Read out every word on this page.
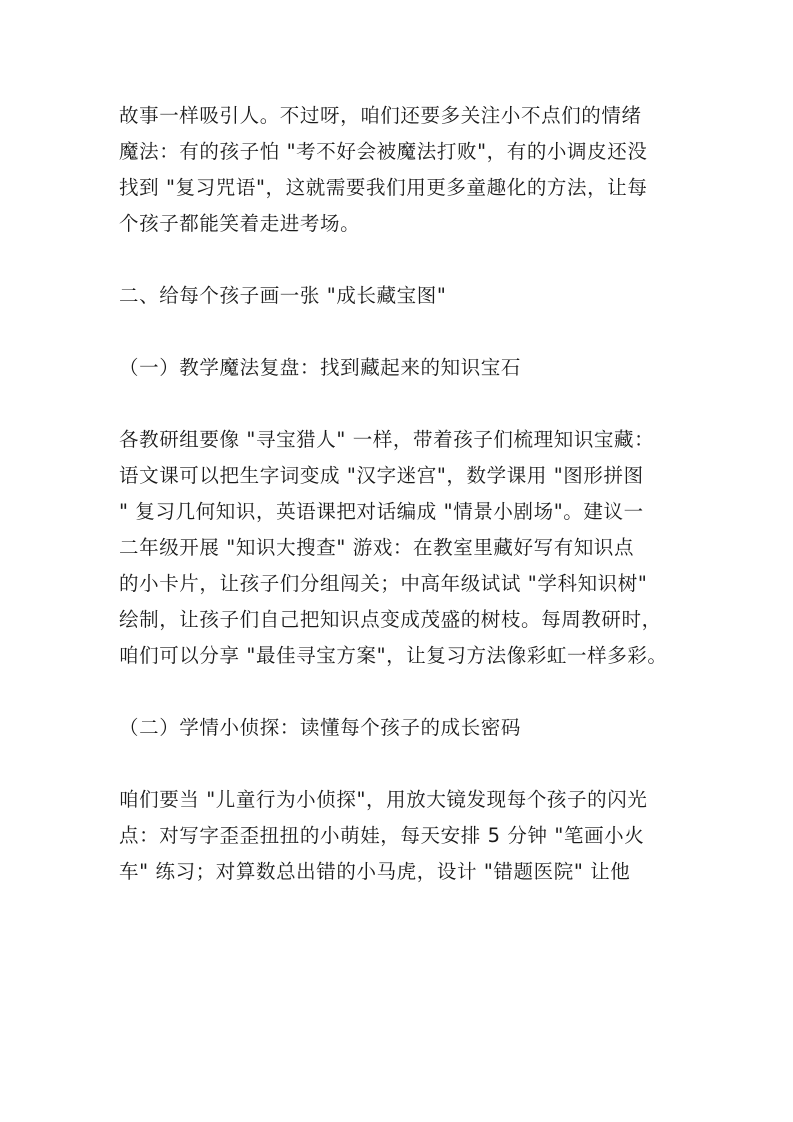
故事一样吸引人。不过呀，咱们还要多关注小不点们的情绪
魔法：有的孩子怕 "考不好会被魔法打败"，有的小调皮还没
找到 "复习咒语"，这就需要我们用更多童趣化的方法，让每
个孩子都能笑着走进考场。

二、给每个孩子画一张 "成长藏宝图"

（一）教学魔法复盘：找到藏起来的知识宝石

各教研组要像 "寻宝猎人" 一样，带着孩子们梳理知识宝藏：
语文课可以把生字词变成 "汉字迷宫"，数学课用 "图形拼图
" 复习几何知识，英语课把对话编成 "情景小剧场"。建议一
二年级开展 "知识大搜查" 游戏：在教室里藏好写有知识点
的小卡片，让孩子们分组闯关；中高年级试试 "学科知识树"
绘制，让孩子们自己把知识点变成茂盛的树枝。每周教研时，
咱们可以分享 "最佳寻宝方案"，让复习方法像彩虹一样多彩。

（二）学情小侦探：读懂每个孩子的成长密码

咱们要当 "儿童行为小侦探"，用放大镜发现每个孩子的闪光
点：对写字歪歪扭扭的小萌娃，每天安排 5 分钟 "笔画小火
车" 练习；对算数总出错的小马虎，设计 "错题医院" 让他
